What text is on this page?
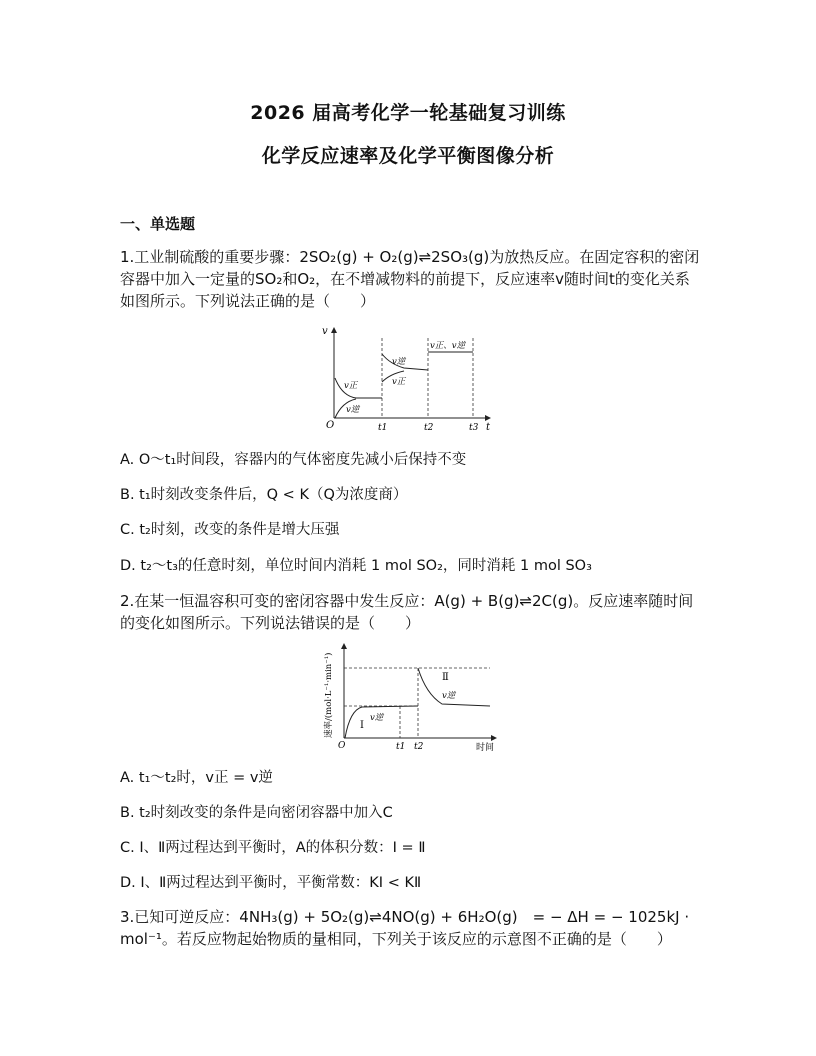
2026 届高考化学一轮基础复习训练
化学反应速率及化学平衡图像分析
一、单选题
1.工业制硫酸的重要步骤：2SO₂(g) + O₂(g)⇌2SO₃(g)为放热反应。在固定容积的密闭容器中加入一定量的SO₂和O₂，在不增减物料的前提下，反应速率v随时间t的变化关系如图所示。下列说法正确的是（　　）
v
t
O
v正
v逆
v逆
v正
v正、v逆
t1	t2	t3
A. O～t₁时间段，容器内的气体密度先减小后保持不变
B. t₁时刻改变条件后，Q < K（Q为浓度商）
C. t₂时刻，改变的条件是增大压强
D. t₂～t₃的任意时刻，单位时间内消耗 1 mol SO₂，同时消耗 1 mol SO₃
2.在某一恒温容积可变的密闭容器中发生反应：A(g) + B(g)⇌2C(g)。反应速率随时间的变化如图所示。下列说法错误的是（　　）
速率/(mol·L⁻¹·min⁻¹)
时间
O
Ⅰ
Ⅱ
v逆
v逆
t1 t2
A. t₁～t₂时，v正 = v逆
B. t₂时刻改变的条件是向密闭容器中加入C
C. Ⅰ、Ⅱ两过程达到平衡时，A的体积分数：Ⅰ = Ⅱ
D. Ⅰ、Ⅱ两过程达到平衡时，平衡常数：KⅠ < KⅡ
3.已知可逆反应：4NH₃(g) + 5O₂(g)⇌4NO(g) + 6H₂O(g)　= − ΔH = − 1025kJ · mol⁻¹。若反应物起始物质的量相同，下列关于该反应的示意图不正确的是（　　）
